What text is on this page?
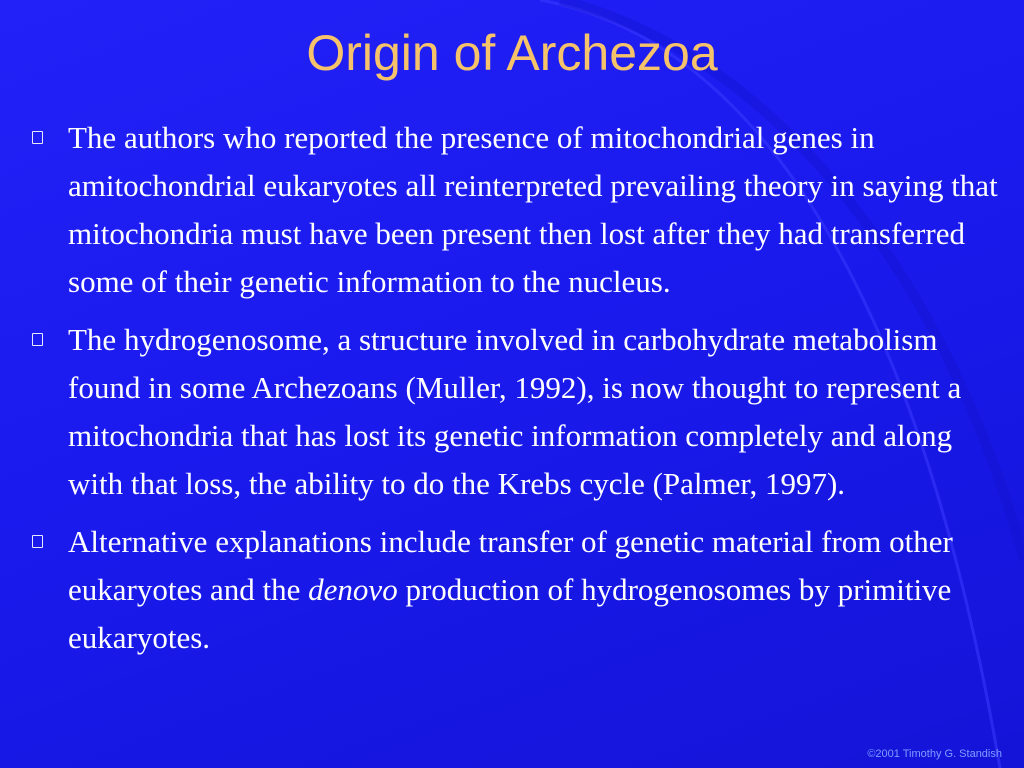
Origin of Archezoa
The authors who reported the presence of mitochondrial genes in amitochondrial eukaryotes all reinterpreted prevailing theory in saying that mitochondria must have been present then lost after they had transferred some of their genetic information to the nucleus.
The hydrogenosome, a structure involved in carbohydrate metabolism found in some Archezoans (Muller, 1992), is now thought to represent a mitochondria that has lost its genetic information completely and along with that loss, the ability to do the Krebs cycle (Palmer, 1997).
Alternative explanations include transfer of genetic material from other eukaryotes and the denovo production of hydrogenosomes by primitive eukaryotes.
©2001 Timothy G. Standish
